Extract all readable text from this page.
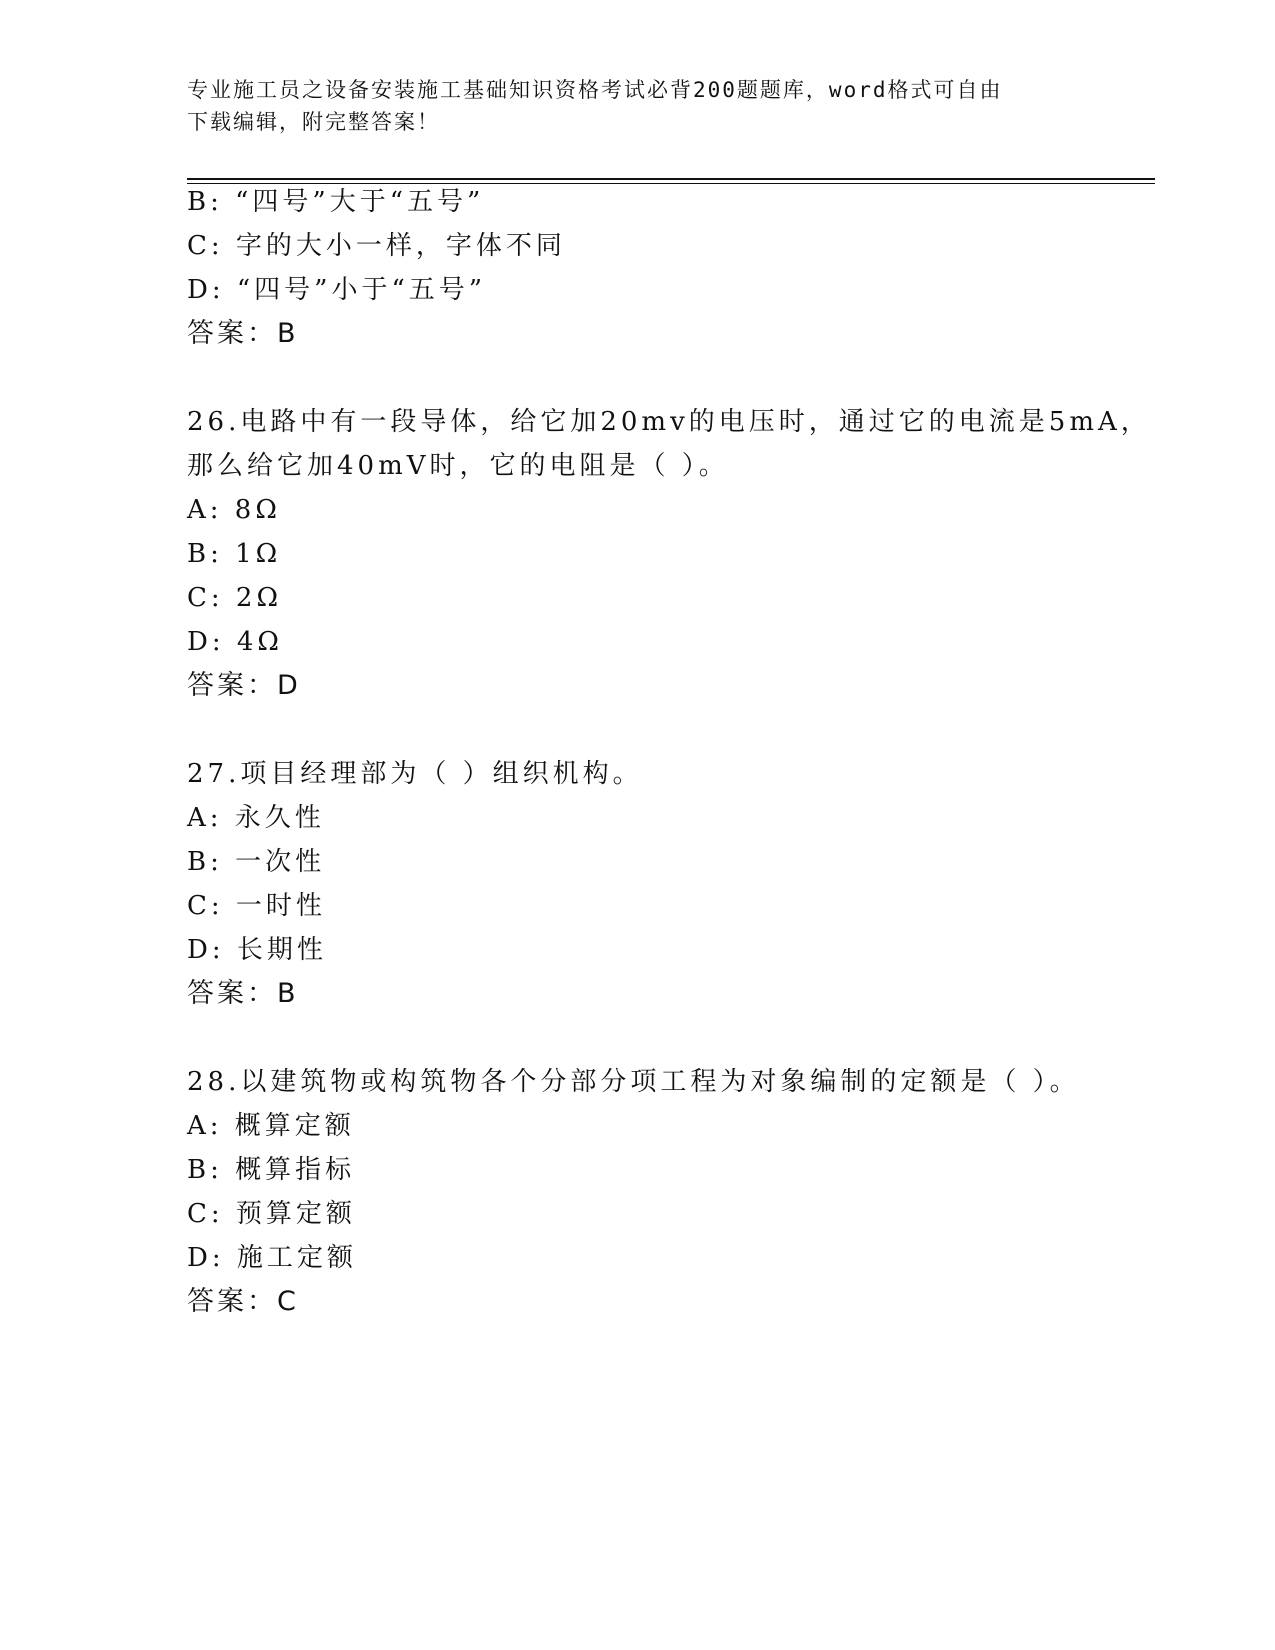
专业施工员之设备安装施工基础知识资格考试必背200题题库，word格式可自由
下载编辑，附完整答案！
B: “四号”大于“五号”
C: 字的大小一样，字体不同
D: “四号”小于“五号”
答案：B
26.电路中有一段导体，给它加20mv的电压时，通过它的电流是5mA，
那么给它加40mV时，它的电阻是（ ）。
A: 8Ω
B: 1Ω
C: 2Ω
D: 4Ω
答案：D
27.项目经理部为（ ）组织机构。
A: 永久性
B: 一次性
C: 一时性
D: 长期性
答案：B
28.以建筑物或构筑物各个分部分项工程为对象编制的定额是（ ）。
A: 概算定额
B: 概算指标
C: 预算定额
D: 施工定额
答案：C
